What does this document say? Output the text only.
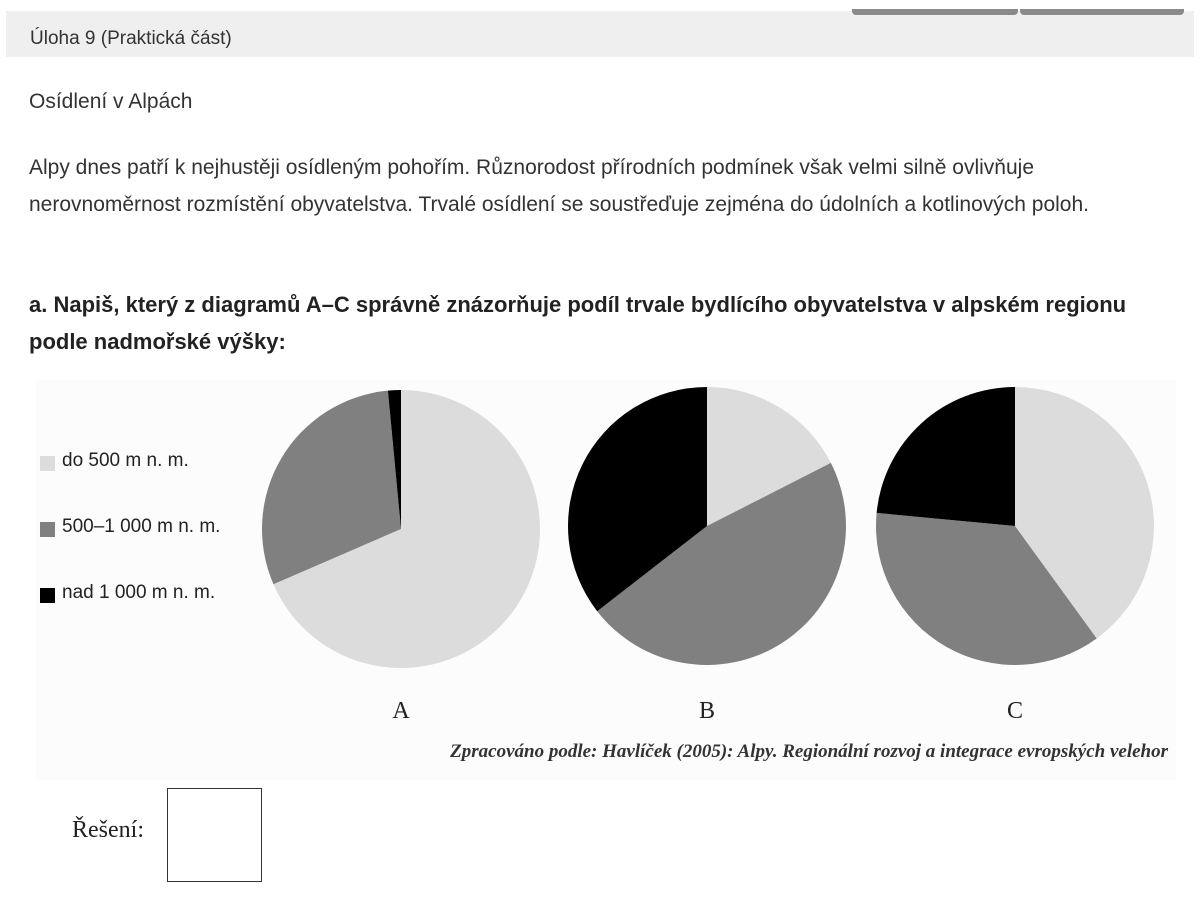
Úloha 9 (Praktická část)
Osídlení v Alpách
Alpy dnes patří k nejhustěji osídleným pohořím. Různorodost přírodních podmínek však velmi silně ovlivňuje nerovnoměrnost rozmístění obyvatelstva. Trvalé osídlení se soustřeďuje zejména do údolních a kotlinových poloh.
a. Napiš, který z diagramů A–C správně znázorňuje podíl trvale bydlícího obyvatelstva v alpském regionu podle nadmořské výšky:
do 500 m n. m.
500–1 000 m n. m.
nad 1 000 m n. m.
A	B	C
Zpracováno podle: Havlíček (2005): Alpy. Regionální rozvoj a integrace evropských velehor
Řešení:
